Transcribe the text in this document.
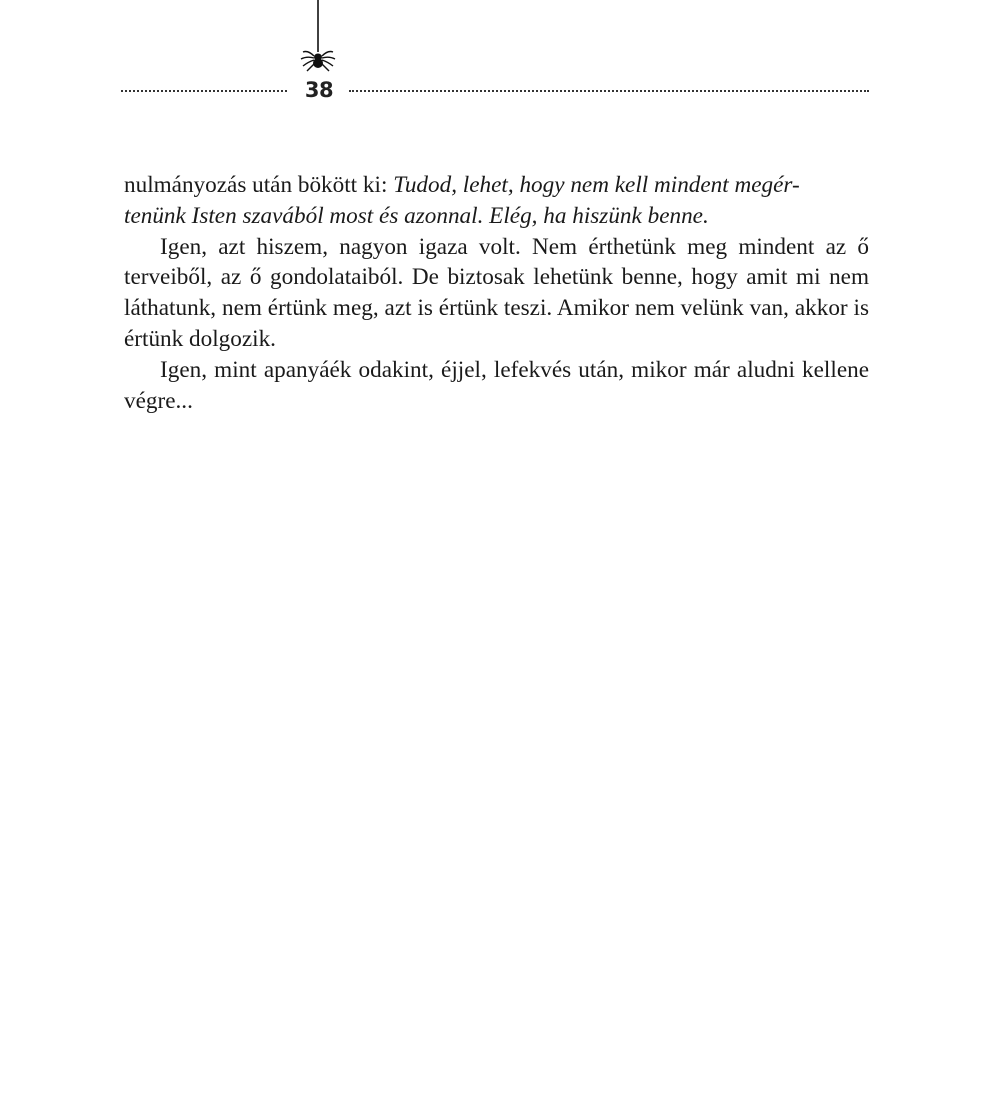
38

nulmányozás után bökött ki: Tudod, lehet, hogy nem kell mindent megér-
tenünk Isten szavából most és azonnal. Elég, ha hiszünk benne.

Igen, azt hiszem, nagyon igaza volt. Nem érthetünk meg mindent az ő terveiből, az ő gondolataiból. De biztosak lehetünk benne, hogy amit mi nem láthatunk, nem értünk meg, azt is értünk teszi. Amikor nem velünk van, akkor is értünk dolgozik.

Igen, mint apanyáék odakint, éjjel, lefekvés után, mikor már aludni kellene végre...
